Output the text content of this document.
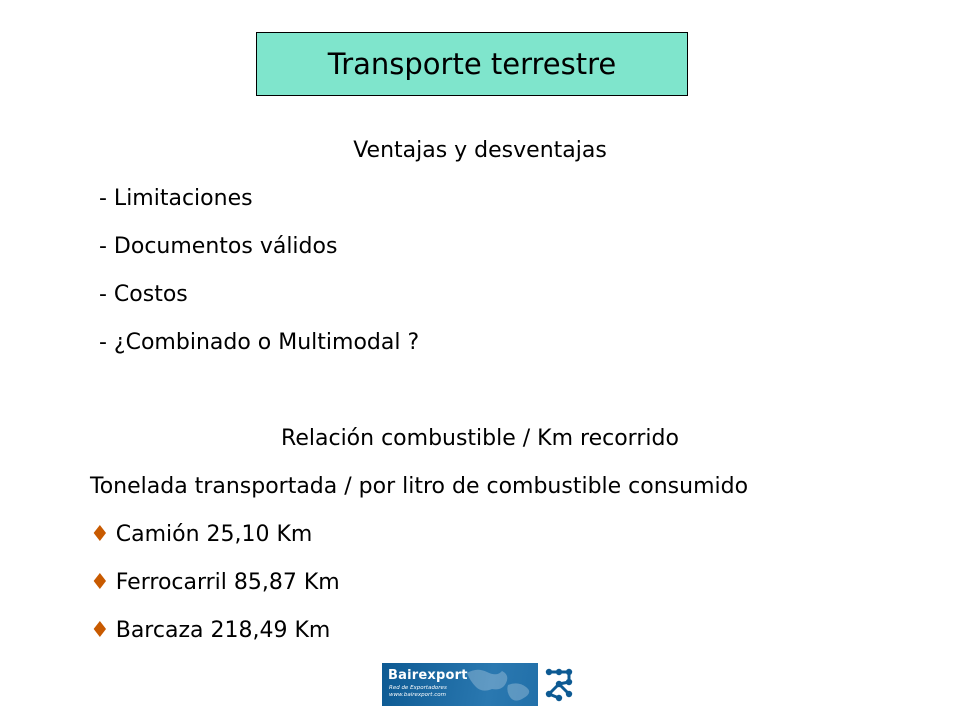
Transporte terrestre
Ventajas y desventajas
- Limitaciones
- Documentos válidos
- Costos
- ¿Combinado o Multimodal ?
Relación combustible / Km recorrido
Tonelada transportada / por litro de combustible consumido
♦ Camión 25,10 Km
♦ Ferrocarril 85,87 Km
♦ Barcaza 218,49 Km
Bairexport
Red de Exportadores
www.bairexport.com
